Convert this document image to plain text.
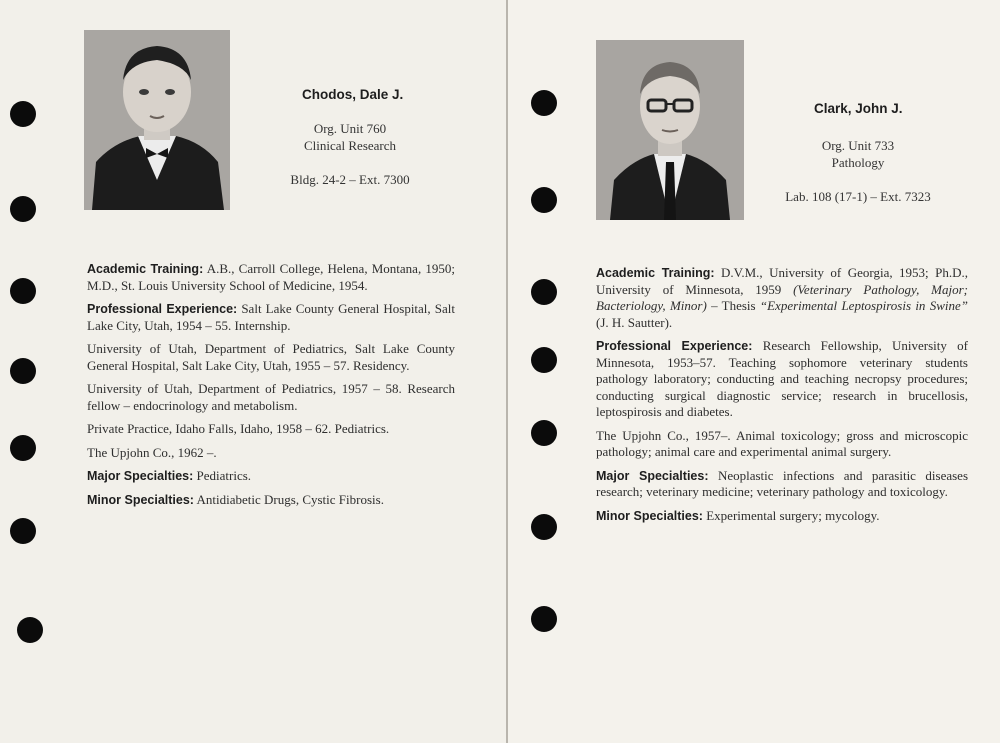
Chodos, Dale J.
Org. Unit 760
Clinical Research
Bldg. 24-2 – Ext. 7300

Academic Training: A.B., Carroll College, Helena, Montana, 1950; M.D., St. Louis University School of Medicine, 1954.

Professional Experience: Salt Lake County General Hospital, Salt Lake City, Utah, 1954 – 55. Internship.

University of Utah, Department of Pediatrics, Salt Lake County General Hospital, Salt Lake City, Utah, 1955 – 57. Residency.

University of Utah, Department of Pediatrics, 1957 – 58. Research fellow – endocrinology and metabolism.

Private Practice, Idaho Falls, Idaho, 1958 – 62. Pediatrics.

The Upjohn Co., 1962 –.

Major Specialties: Pediatrics.

Minor Specialties: Antidiabetic Drugs, Cystic Fibrosis.

Clark, John J.
Org. Unit 733
Pathology
Lab. 108 (17-1) – Ext. 7323

Academic Training: D.V.M., University of Georgia, 1953; Ph.D., University of Minnesota, 1959 (Veterinary Pathology, Major; Bacteriology, Minor) – Thesis “Experimental Leptospirosis in Swine” (J. H. Sautter).

Professional Experience: Research Fellowship, University of Minnesota, 1953–57. Teaching sophomore veterinary students pathology laboratory; conducting and teaching necropsy procedures; conducting surgical diagnostic service; research in brucellosis, leptospirosis and diabetes.

The Upjohn Co., 1957–. Animal toxicology; gross and microscopic pathology; animal care and experimental animal surgery.

Major Specialties: Neoplastic infections and parasitic diseases research; veterinary medicine; veterinary pathology and toxicology.

Minor Specialties: Experimental surgery; mycology.
